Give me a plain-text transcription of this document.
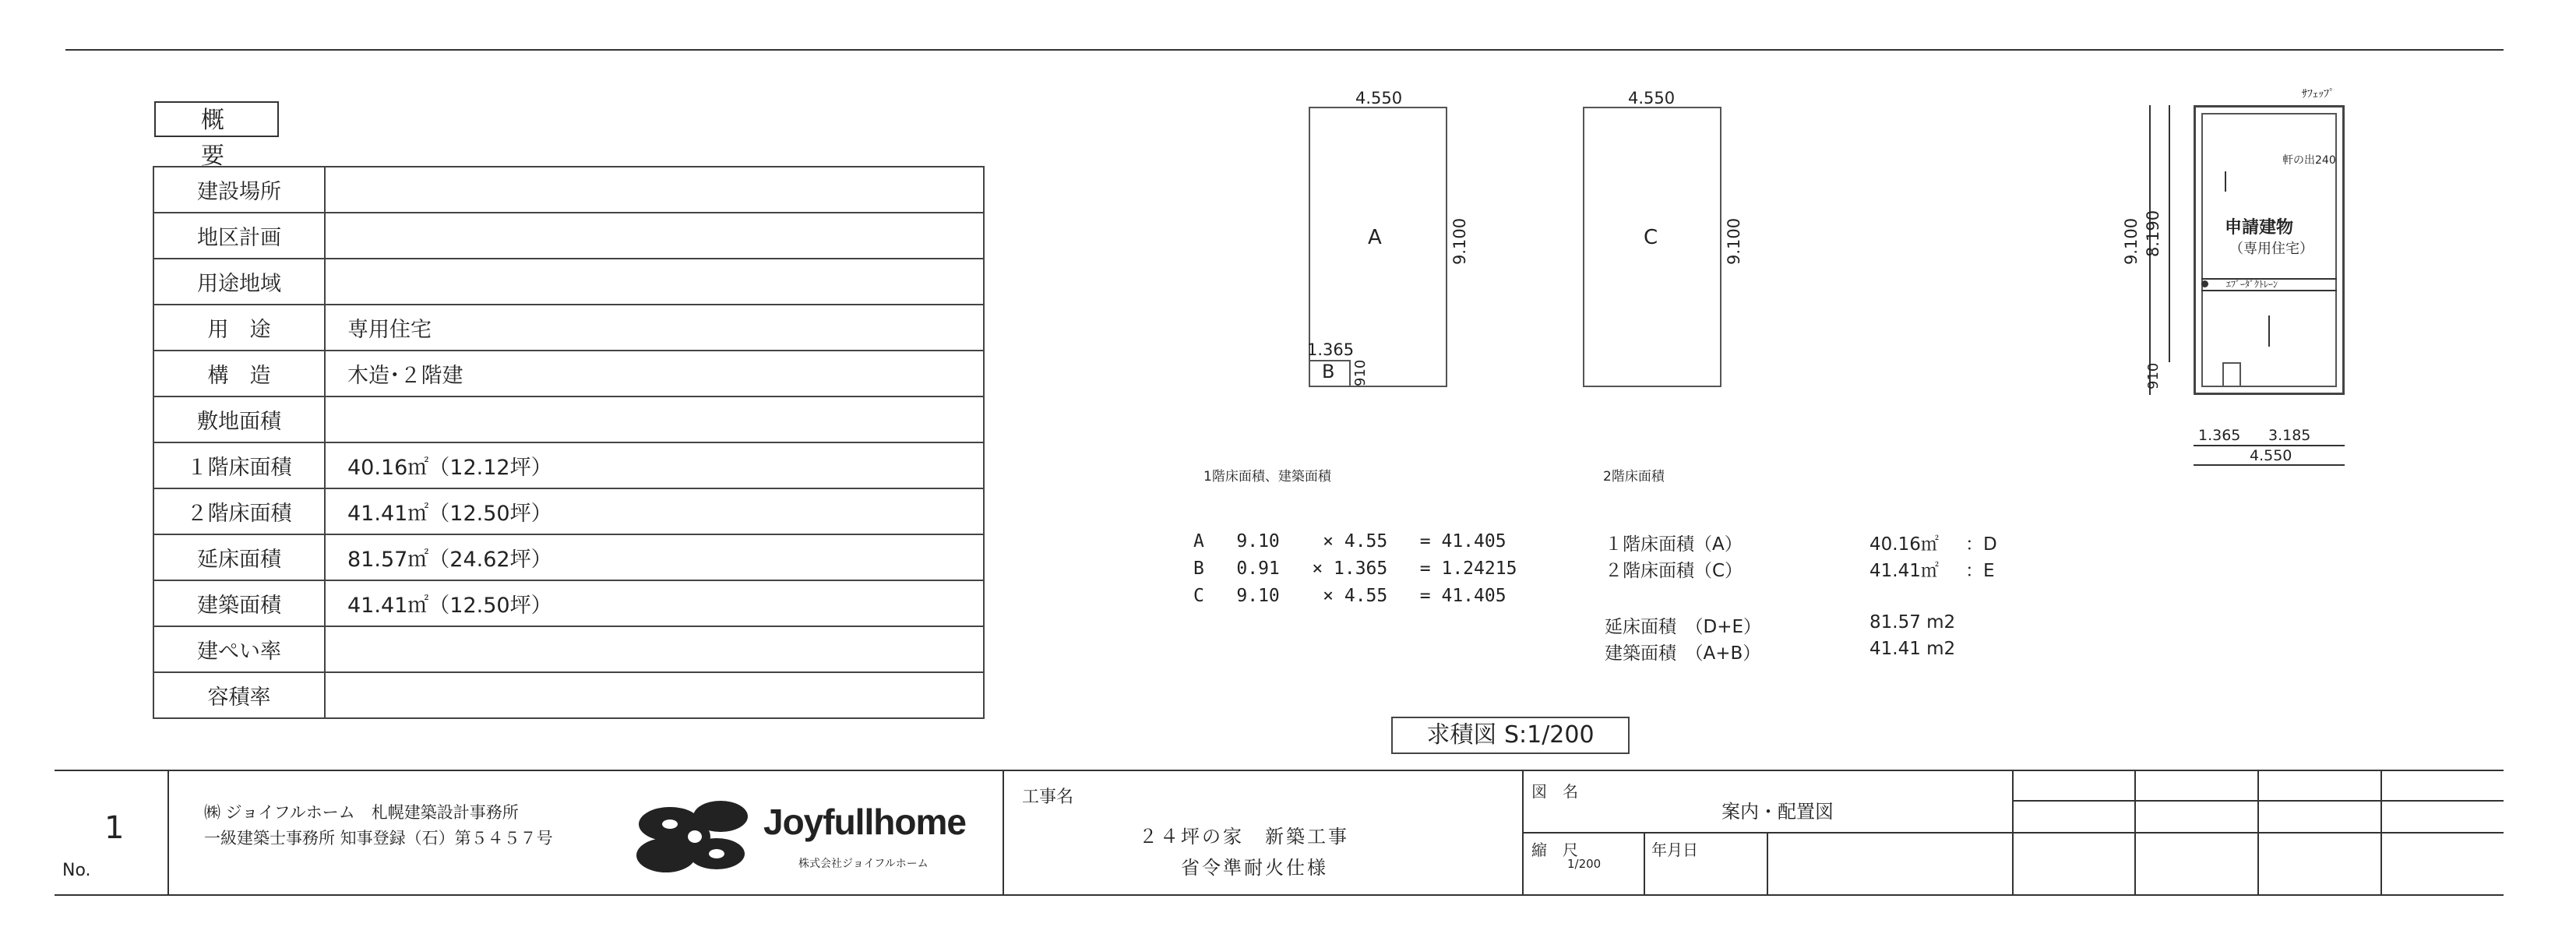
概　要
建設場所	
地区計画	
用途地域	
用　途	専用住宅
構　造	木造･２階建
敷地面積	
１階床面積	40.16㎡（12.12坪）
２階床面積	41.41㎡（12.50坪）
延床面積	81.57㎡（24.62坪）
建築面積	41.41㎡（12.50坪）
建ぺい率	
容積率	
4.550
A	9.100
1.365
B 910
4.550
C	9.100
ｻﾌｪｯﾌﾟ
軒の出240
申請建物
（専用住宅）
ｴﾌﾞｰﾀﾞｸﾄﾚｰﾝ
9.100 8.190
910
1.365 3.185
4.550
1階床面積、建築面積
A   9.10    × 4.55   = 41.405
B   0.91   × 1.365   = 1.24215
C   9.10    × 4.55   = 41.405
2階床面積
１階床面積（A）	40.16㎡ ：D
２階床面積（C）	41.41㎡ ：E
延床面積　（D+E）	81.57 m2
建築面積　（A+B）	41.41 m2
求積図 S:1/200
1
No.
㈱ ジョイフルホーム　札幌建築設計事務所
一級建築士事務所 知事登録（石）第５４５７号	Joyfullhome
株式会社ジョイフルホーム
工事名
２４坪の家　新築工事
省令準耐火仕様
図　名
案内・配置図
縮　尺
1/200
年月日
